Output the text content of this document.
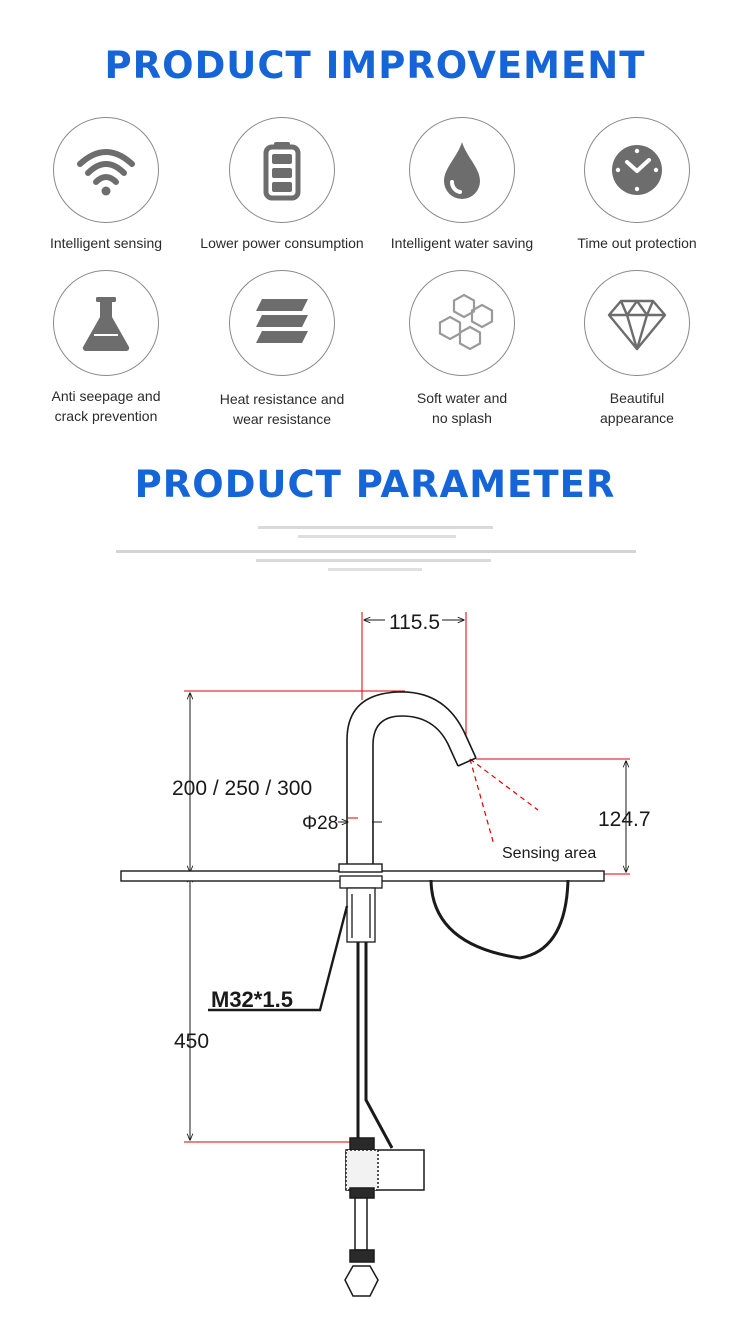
PRODUCT IMPROVEMENT
Intelligent sensing	Lower power consumption	Intelligent water saving	Time out protection
Anti seepage and
crack prevention
Heat resistance and
wear resistance
Soft water and
no splash
Beautiful
appearance
PRODUCT PARAMETER
115.5
200 / 250 / 300
124.7
Φ28
Sensing area
M32*1.5
450
